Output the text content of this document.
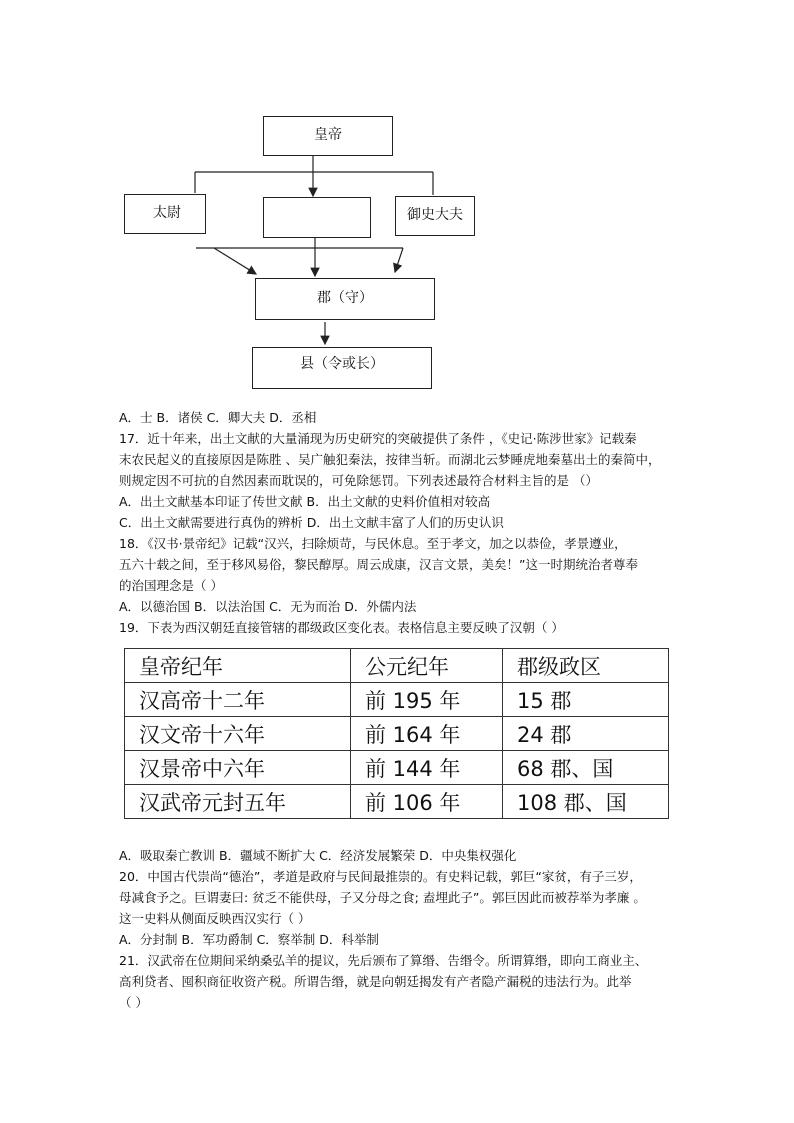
皇帝
太尉	御史大夫
郡（守）
县（令或长）
A．士 B．诸侯 C．卿大夫 D．丞相
17．近十年来，出土文献的大量涌现为历史研究的突破提供了条件 ，《史记·陈涉世家》记载秦
末农民起义的直接原因是陈胜 、吴广触犯秦法，按律当斩。而湖北云梦睡虎地秦墓出土的秦简中，
则规定因不可抗的自然因素而耽误的，可免除惩罚。下列表述最符合材料主旨的是 （）
A．出土文献基本印证了传世文献 B．出土文献的史料价值相对较高
C．出土文献需要进行真伪的辨析 D．出土文献丰富了人们的历史认识
18．《汉书·景帝纪》记载“汉兴，扫除烦苛，与民休息。至于孝文，加之以恭俭，孝景遵业，
五六十载之间，至于移风易俗，黎民醇厚。周云成康，汉言文景，美矣！”这一时期统治者尊奉
的治国理念是（ ）
A．以德治国 B．以法治国 C．无为而治 D．外儒内法
19．下表为西汉朝廷直接管辖的郡级政区变化表。表格信息主要反映了汉朝（ ）
皇帝纪年	公元纪年	郡级政区
汉高帝十二年	前 195 年	15 郡
汉文帝十六年	前 164 年	24 郡
汉景帝中六年	前 144 年	68 郡、国
汉武帝元封五年	前 106 年	108 郡、国
A．吸取秦亡教训 B．疆域不断扩大 C．经济发展繁荣 D．中央集权强化
20．中国古代崇尚“德治”，孝道是政府与民间最推崇的。有史料记载，郭巨“家贫，有子三岁，
母减食予之。巨谓妻曰: 贫乏不能供母，子又分母之食; 盍埋此子”。郭巨因此而被荐举为孝廉 。
这一史料从侧面反映西汉实行（ ）
A．分封制 B．军功爵制 C．察举制 D．科举制
21．汉武帝在位期间采纳桑弘羊的提议，先后颁布了算缗、告缗令。所谓算缗，即向工商业主、
高利贷者、囤积商征收资产税。所谓告缗，就是向朝廷揭发有产者隐产漏税的违法行为。此举
（ ）
